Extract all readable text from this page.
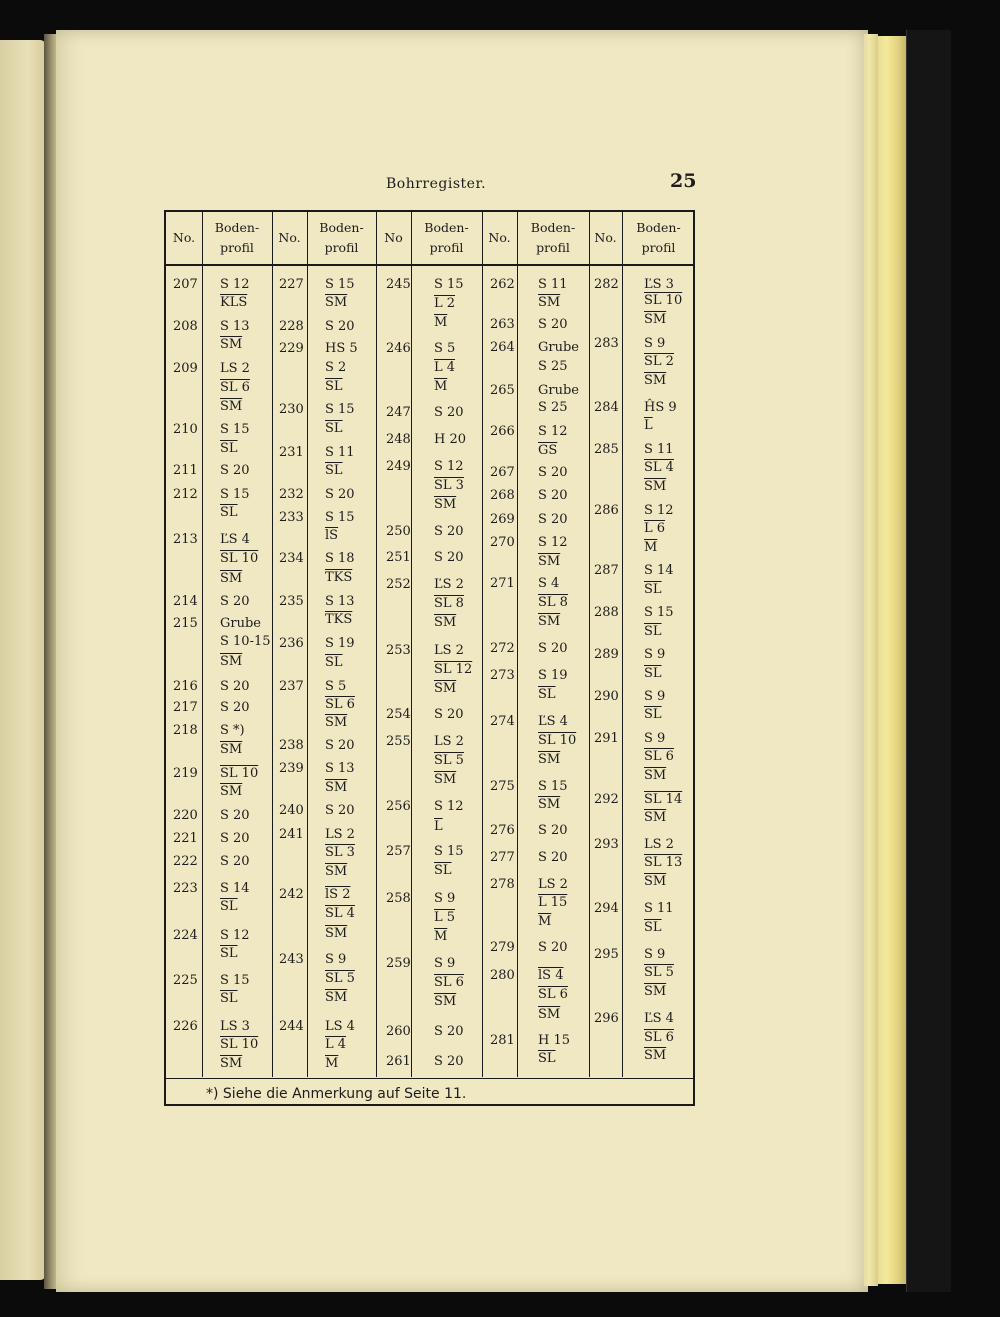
Bohrregister.	25
*) Siehe die Anmerkung auf Seite 11.
No.
Boden-profil
No.
Boden-profil
No
Boden-profil
No.
Boden-profil
No.
Boden-profil
207
208
209
210
211
212
213
214
215
216
217
218
219
220
221
222
223
224
225
226
S 12
$\overline{KLS}$
S 13
$\overline{SM}$
LS 2
SL 6
$\overline{SM}$
S 15
$\overline{SL}$
S 20
S 15
$\overline{SL}$
ĽS 4
SL 10
$\overline{SM}$
S 20
Grube
S 10-15
$\overline{SM}$
S 20
S 20
S *)
$\overline{SM}$
SL 10
$\overline{SM}$
S 20
S 20
S 20
S 14
$\overline{SL}$
S 12
$\overline{SL}$
S 15
$\overline{SL}$
LS 3
SL 10
$\overline{SM}$
227
228
229
230
231
232
233
234
235
236
237
238
239
240
241
242
243
244
S 15
$\overline{SM}$
S 20
HS 5
S 2
$\overline{SL}$
S 15
$\overline{SL}$
S 11
$\overline{SL}$
S 20
S 15
$\overline{lS}$
S 18
$\overline{TKS}$
S 13
$\overline{TKS}$
S 19
$\overline{SL}$
S 5
SL 6
$\overline{SM}$
S 20
S 13
$\overline{SM}$
S 20
LS 2
SL 3
$\overline{SM}$
lS 2
SL 4
$\overline{SM}$
S 9
SL 5
$\overline{SM}$
LS 4
L 4
$\overline{M}$
245
246
247
248
249
250
251
252
253
254
255
256
257
258
259
260
261
S 15
L 2
$\overline{M}$
S 5
L 4
$\overline{M}$
S 20
H 20
S 12
SL 3
$\overline{SM}$
S 20
S 20
ĽS 2
SL 8
$\overline{SM}$
LS 2
SL 12
$\overline{SM}$
S 20
LS 2
SL 5
$\overline{SM}$
S 12
$\overline{L}$
S 15
$\overline{SL}$
S 9
L 5
$\overline{M}$
S 9
SL 6
$\overline{SM}$
S 20
S 20
262
263
264
265
266
267
268
269
270
271
272
273
274
275
276
277
278
279
280
281
S 11
$\overline{SM}$
S 20
Grube
S 25
Grube
S 25
S 12
$\overline{GS}$
S 20
S 20
S 20
S 12
$\overline{SM}$
S 4
SL 8
$\overline{SM}$
S 20
S 19
$\overline{SL}$
ĽS 4
SL 10
$\overline{SM}$
S 15
$\overline{SM}$
S 20
S 20
LS 2
L 15
$\overline{M}$
S 20
lS 4
SL 6
$\overline{SM}$
H 15
$\overline{SL}$
282
283
284
285
286
287
288
289
290
291
292
293
294
295
296
ĽS 3
SL 10
$\overline{SM}$
S 9
SL 2
$\overline{SM}$
ĤS 9
$\overline{L}$
S 11
SL 4
$\overline{SM}$
S 12
L 6
$\overline{M}$
S 14
$\overline{SL}$
S 15
$\overline{SL}$
S 9
$\overline{SL}$
S 9
$\overline{SL}$
S 9
SL 6
$\overline{SM}$
SL 14
$\overline{SM}$
LS 2
SL 13
$\overline{SM}$
S 11
$\overline{SL}$
S 9
SL 5
$\overline{SM}$
ĽS 4
SL 6
$\overline{SM}$
